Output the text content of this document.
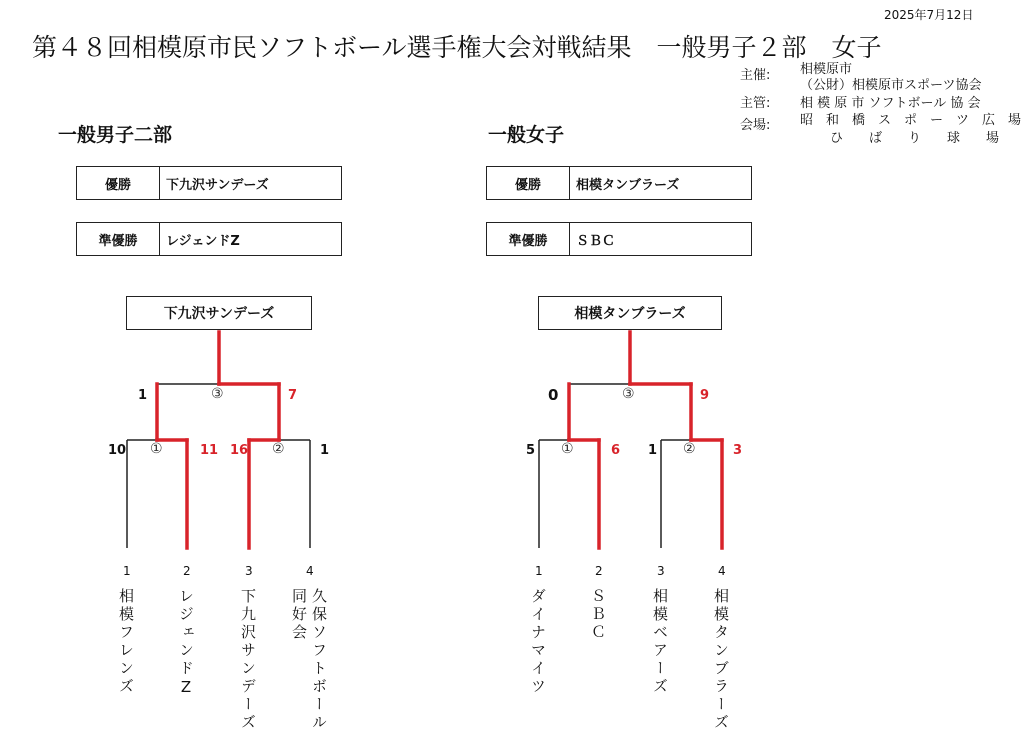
2025年7月12日
第４８回相模原市民ソフトボール選手権大会対戦結果　一般男子２部　女子
主催: 相模原市
（公財）相模原市スポーツ協会
主管: 相 模 原 市 ソフトボール 協 会
会場: 昭　和　橋　ス　ポ　ー　ツ　広　場
ひ　　ば　　り　　球　　場
一般男子二部
優勝	下九沢サンデーズ
準優勝	レジェンドZ
下九沢サンデーズ
1	③	7
10 ①	11 16 ②	1
1	2	3	4
相模フレンズ	レジェンドZ	下九沢サンデーズ	久保ソフトボール
同好会
一般女子
優勝	相模タンブラーズ
準優勝	ＳＢＣ
相模タンブラーズ
0	③	9
5 ①	6 1 ②	3
1	2	3	4
ダイナマイツ	ＳＢＣ	相模ベアーズ	相模タンブラーズ
